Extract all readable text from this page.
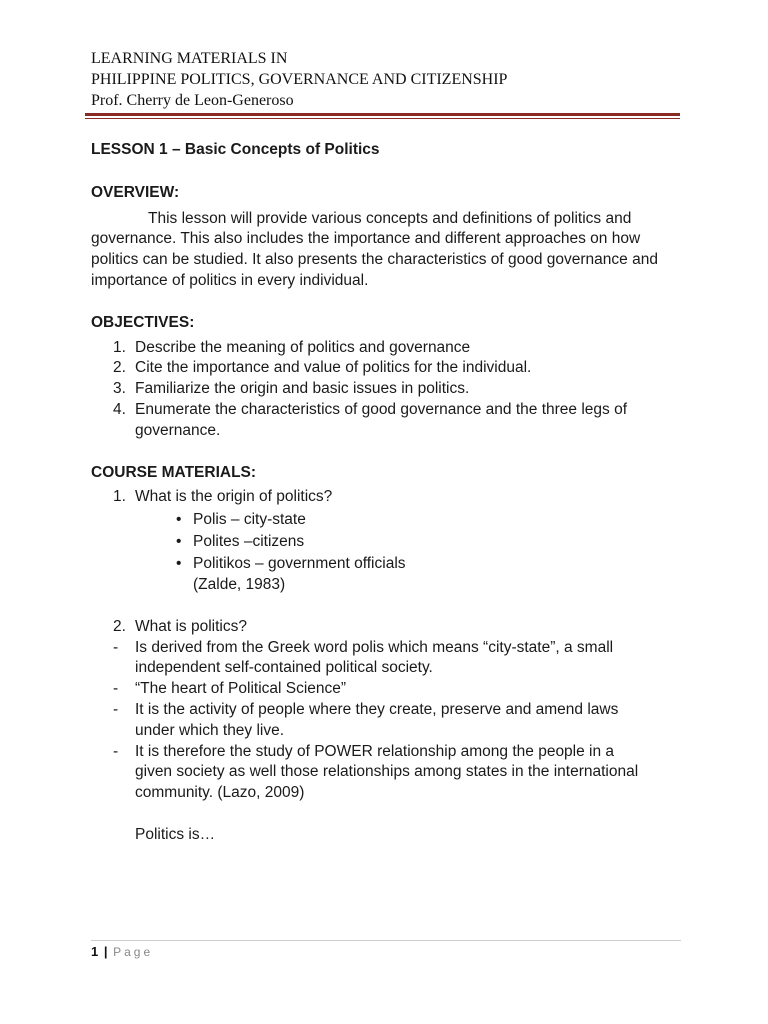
LEARNING MATERIALS IN
PHILIPPINE POLITICS, GOVERNANCE AND CITIZENSHIP
Prof. Cherry de Leon-Generoso
LESSON 1 – Basic Concepts of Politics
OVERVIEW:
This lesson will provide various concepts and definitions of politics and governance. This also includes the importance and different approaches on how politics can be studied. It also presents the characteristics of good governance and importance of politics in every individual.
OBJECTIVES:
1. Describe the meaning of politics and governance
2. Cite the importance and value of politics for the individual.
3. Familiarize the origin and basic issues in politics.
4. Enumerate the characteristics of good governance and the three legs of governance.
COURSE MATERIALS:
1. What is the origin of politics?
• Polis – city-state
• Polites –citizens
• Politikos – government officials
(Zalde, 1983)
2. What is politics?
- Is derived from the Greek word polis which means “city-state”, a small independent self-contained political society.
- “The heart of Political Science”
- It is the activity of people where they create, preserve and amend laws under which they live.
- It is therefore the study of POWER relationship among the people in a given society as well those relationships among states in the international community. (Lazo, 2009)
Politics is…
1 | Page
